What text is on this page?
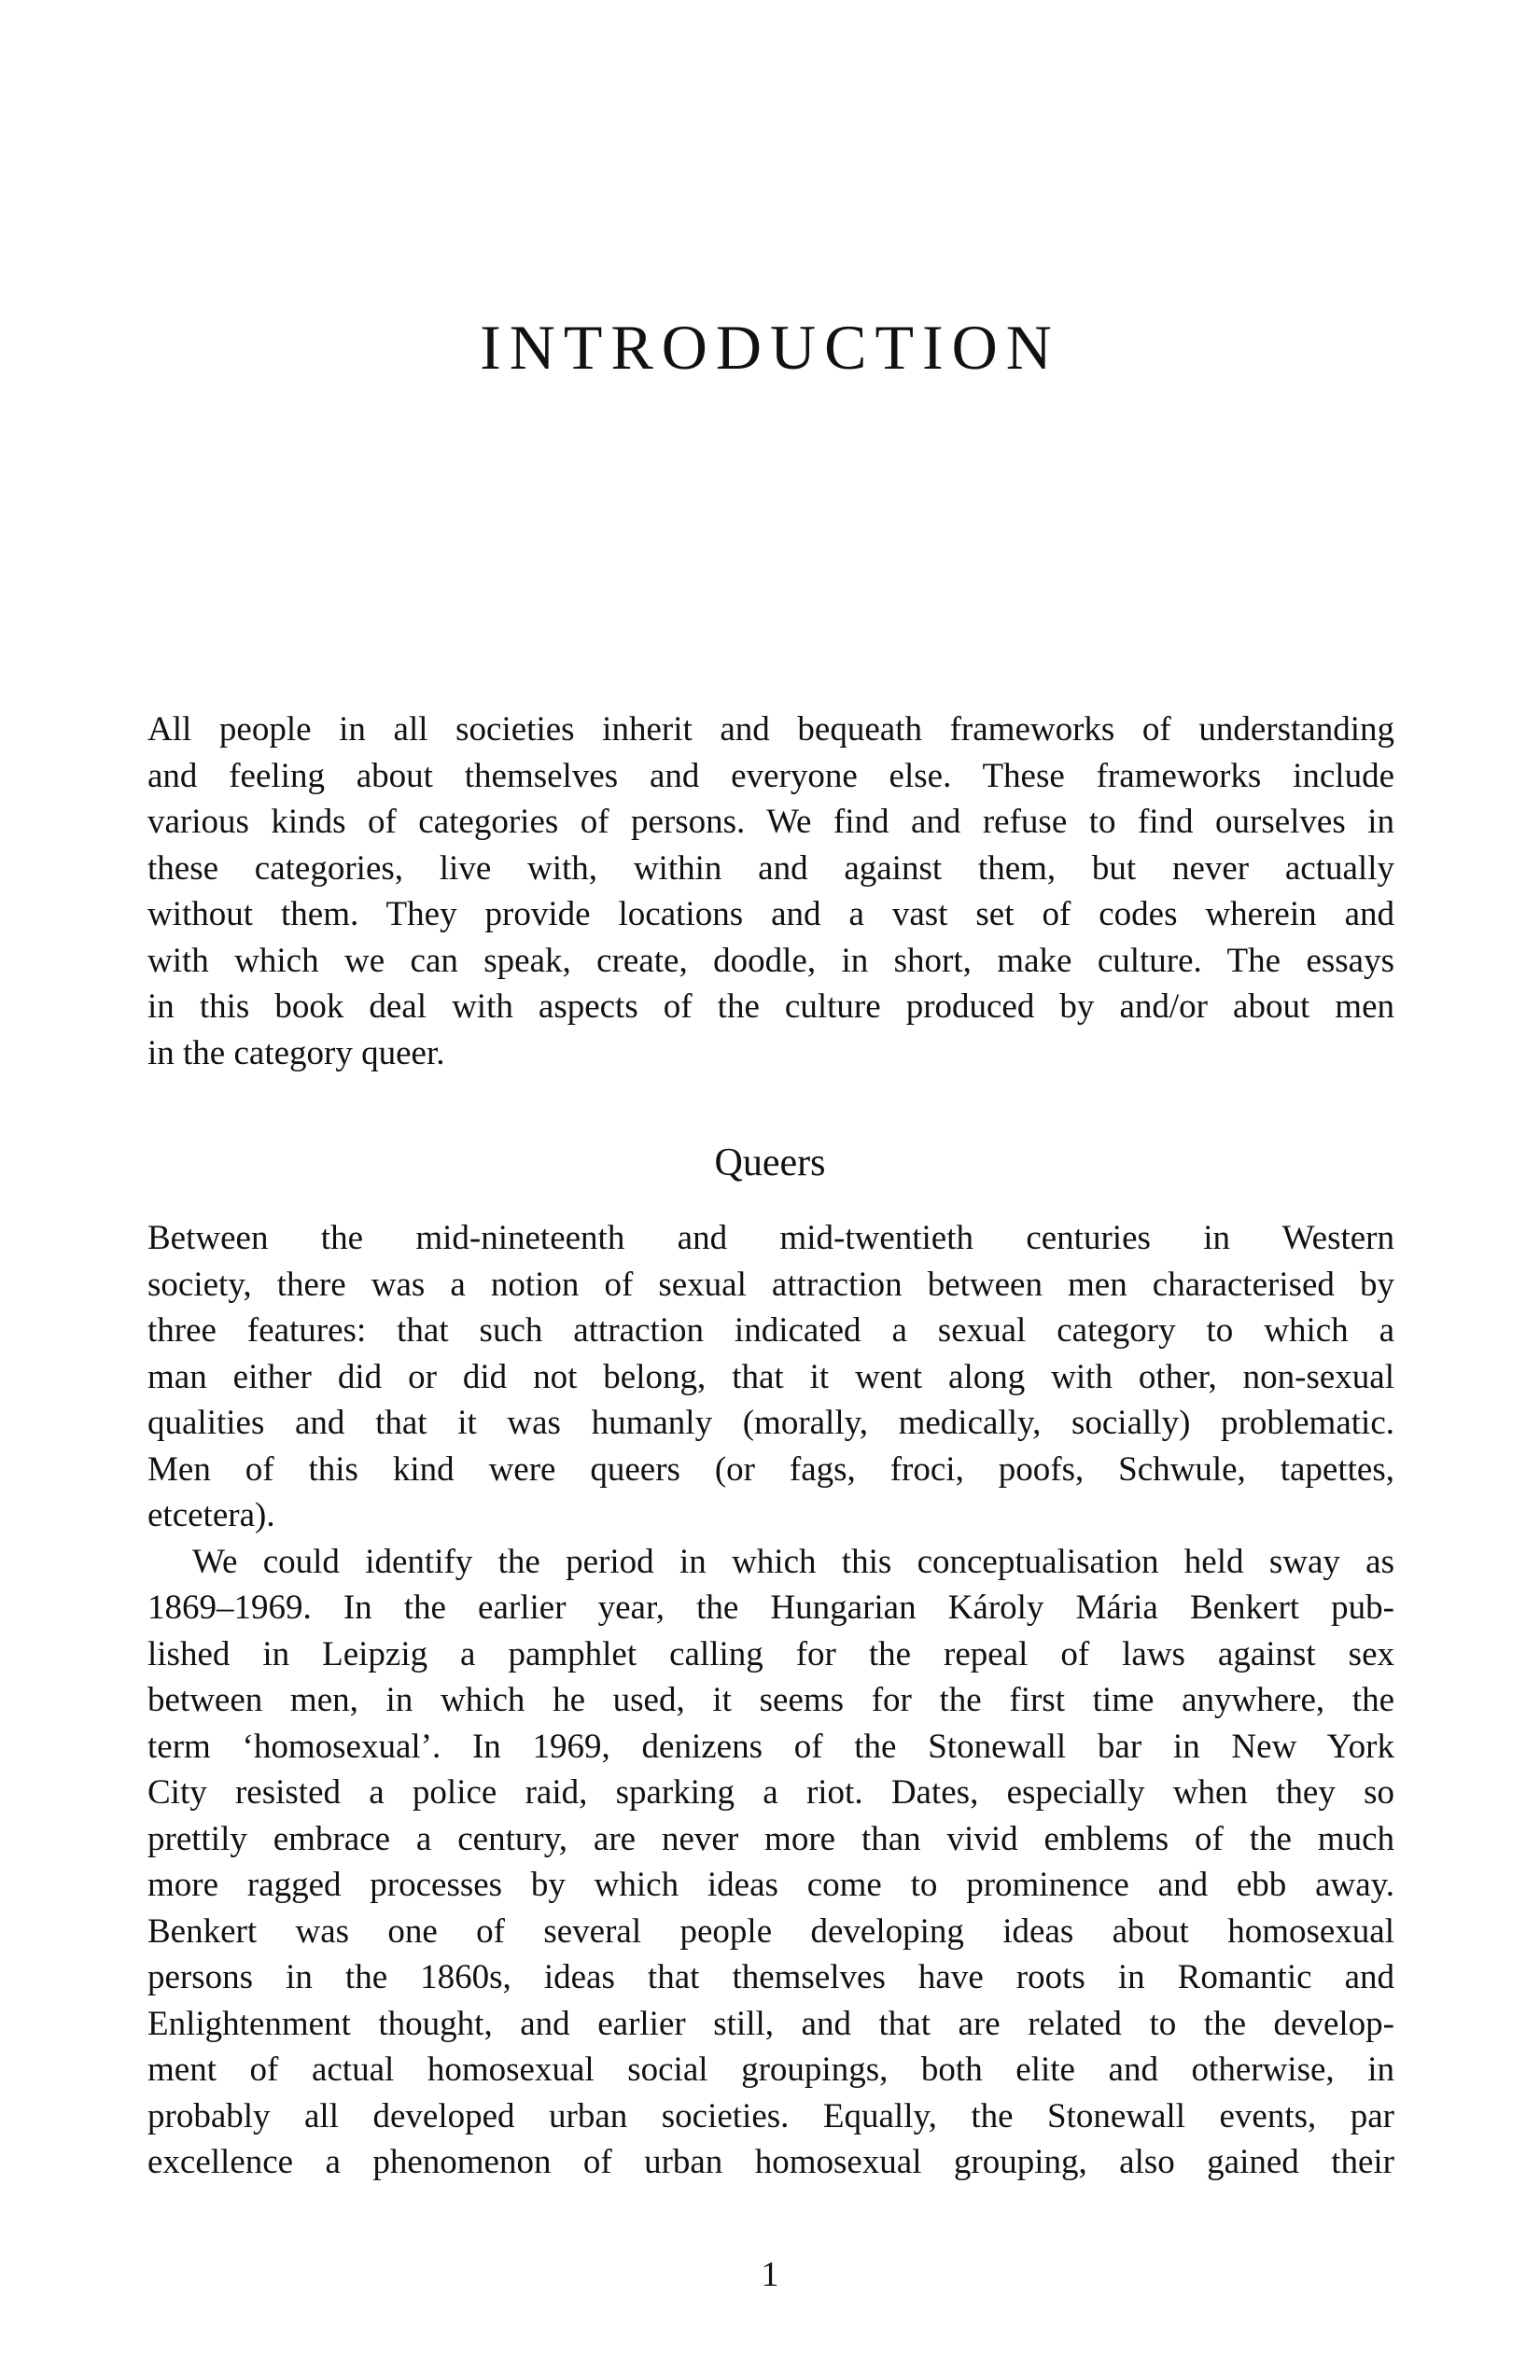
INTRODUCTION
All people in all societies inherit and bequeath frameworks of understanding
and feeling about themselves and everyone else. These frameworks include
various kinds of categories of persons. We find and refuse to find ourselves in
these categories, live with, within and against them, but never actually
without them. They provide locations and a vast set of codes wherein and
with which we can speak, create, doodle, in short, make culture. The essays
in this book deal with aspects of the culture produced by and/or about men
in the category queer.
Queers
Between the mid-nineteenth and mid-twentieth centuries in Western
society, there was a notion of sexual attraction between men characterised by
three features: that such attraction indicated a sexual category to which a
man either did or did not belong, that it went along with other, non-sexual
qualities and that it was humanly (morally, medically, socially) problematic.
Men of this kind were queers (or fags, froci, poofs, Schwule, tapettes,
etcetera).
We could identify the period in which this conceptualisation held sway as
1869–1969. In the earlier year, the Hungarian Károly Mária Benkert pub-
lished in Leipzig a pamphlet calling for the repeal of laws against sex
between men, in which he used, it seems for the first time anywhere, the
term ‘homosexual’. In 1969, denizens of the Stonewall bar in New York
City resisted a police raid, sparking a riot. Dates, especially when they so
prettily embrace a century, are never more than vivid emblems of the much
more ragged processes by which ideas come to prominence and ebb away.
Benkert was one of several people developing ideas about homosexual
persons in the 1860s, ideas that themselves have roots in Romantic and
Enlightenment thought, and earlier still, and that are related to the develop-
ment of actual homosexual social groupings, both elite and otherwise, in
probably all developed urban societies. Equally, the Stonewall events, par
excellence a phenomenon of urban homosexual grouping, also gained their
1
